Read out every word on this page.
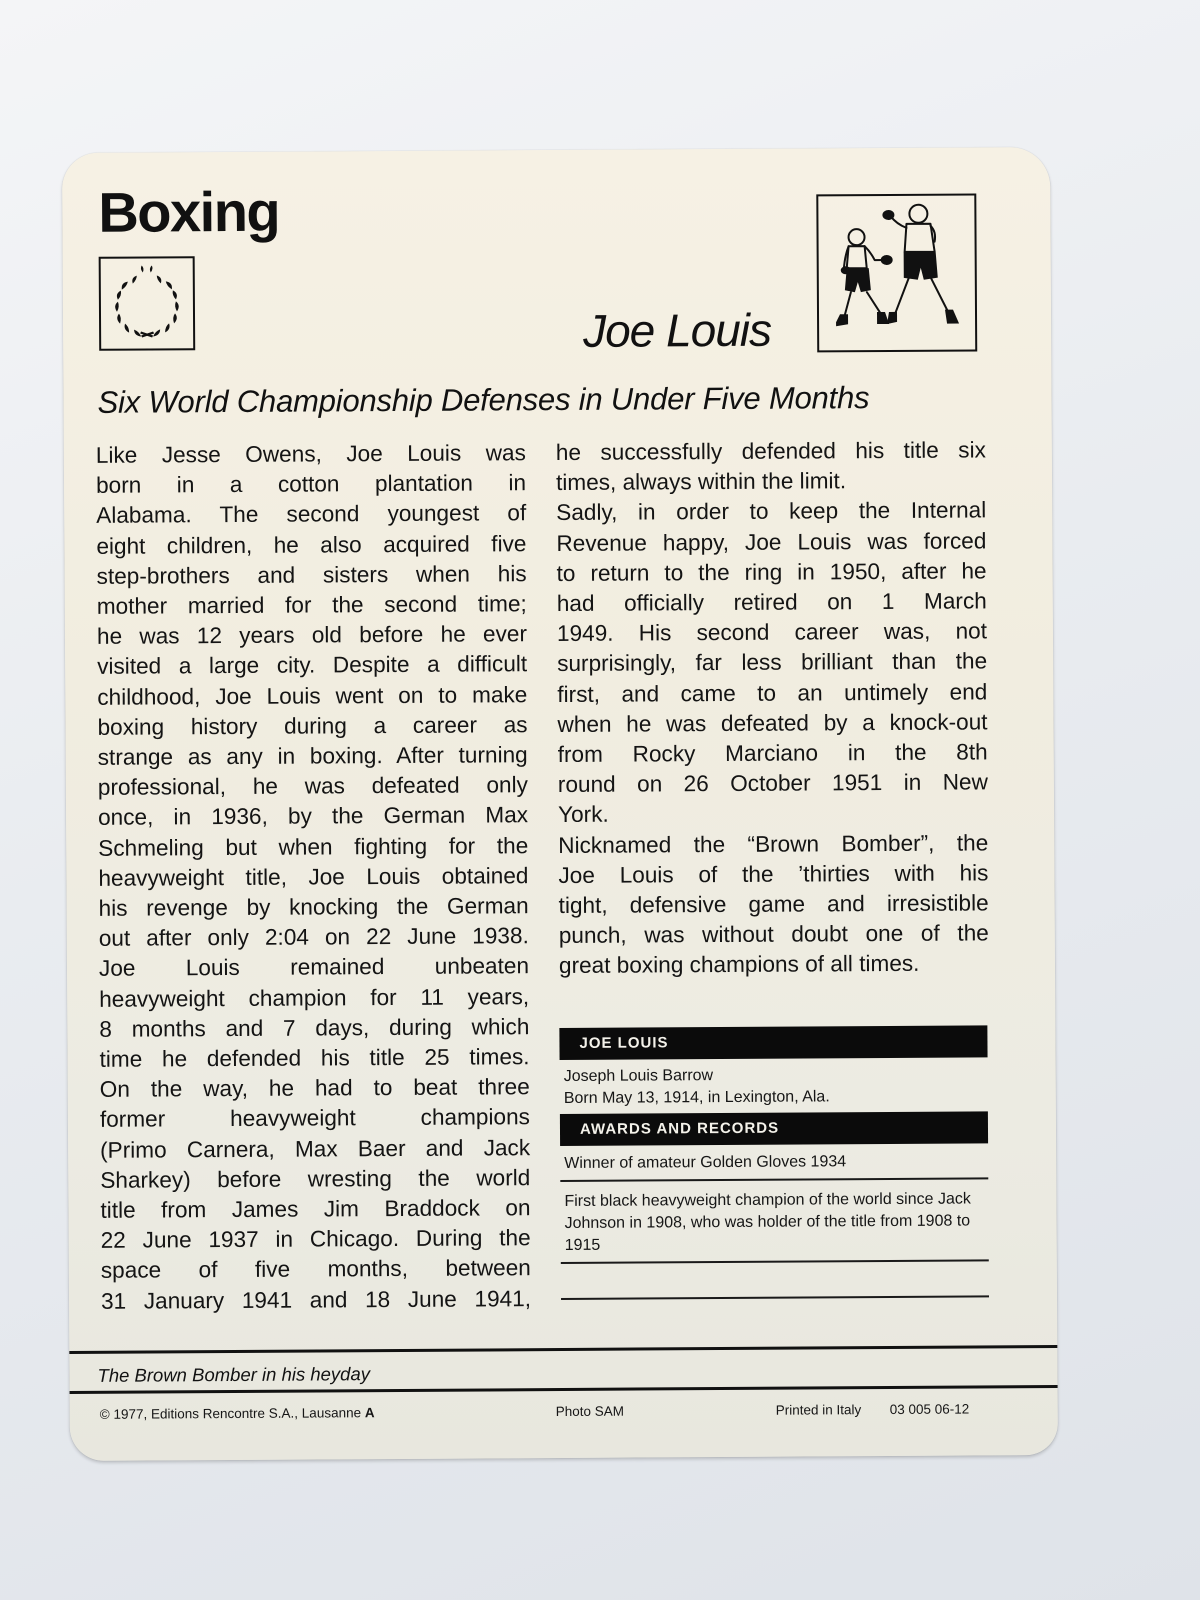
Boxing
Joe Louis
Six World Championship Defenses in Under Five Months
Like Jesse Owens, Joe Louis was
born in a cotton plantation in
Alabama. The second youngest of
eight children, he also acquired five
step-brothers and sisters when his
mother married for the second time;
he was 12 years old before he ever
visited a large city. Despite a difficult
childhood, Joe Louis went on to make
boxing history during a career as
strange as any in boxing. After turning
professional, he was defeated only
once, in 1936, by the German Max
Schmeling but when fighting for the
heavyweight title, Joe Louis obtained
his revenge by knocking the German
out after only 2:04 on 22 June 1938.
Joe Louis remained unbeaten
heavyweight champion for 11 years,
8 months and 7 days, during which
time he defended his title 25 times.
On the way, he had to beat three
former heavyweight champions
(Primo Carnera, Max Baer and Jack
Sharkey) before wresting the world
title from James Jim Braddock on
22 June 1937 in Chicago. During the
space of five months, between
31 January 1941 and 18 June 1941,
he successfully defended his title six
times, always within the limit.
Sadly, in order to keep the Internal
Revenue happy, Joe Louis was forced
to return to the ring in 1950, after he
had officially retired on 1 March
1949. His second career was, not
surprisingly, far less brilliant than the
first, and came to an untimely end
when he was defeated by a knock-out
from Rocky Marciano in the 8th
round on 26 October 1951 in New
York.
Nicknamed the “Brown Bomber”, the
Joe Louis of the ’thirties with his
tight, defensive game and irresistible
punch, was without doubt one of the
great boxing champions of all times.
JOE LOUIS
Joseph Louis Barrow
Born May 13, 1914, in Lexington, Ala.
AWARDS AND RECORDS
Winner of amateur Golden Gloves 1934
First black heavyweight champion of the world since Jack Johnson in 1908, who was holder of the title from 1908 to 1915
The Brown Bomber in his heyday
© 1977, Editions Rencontre S.A., Lausanne A	Photo SAM	Printed in Italy 03 005 06-12
